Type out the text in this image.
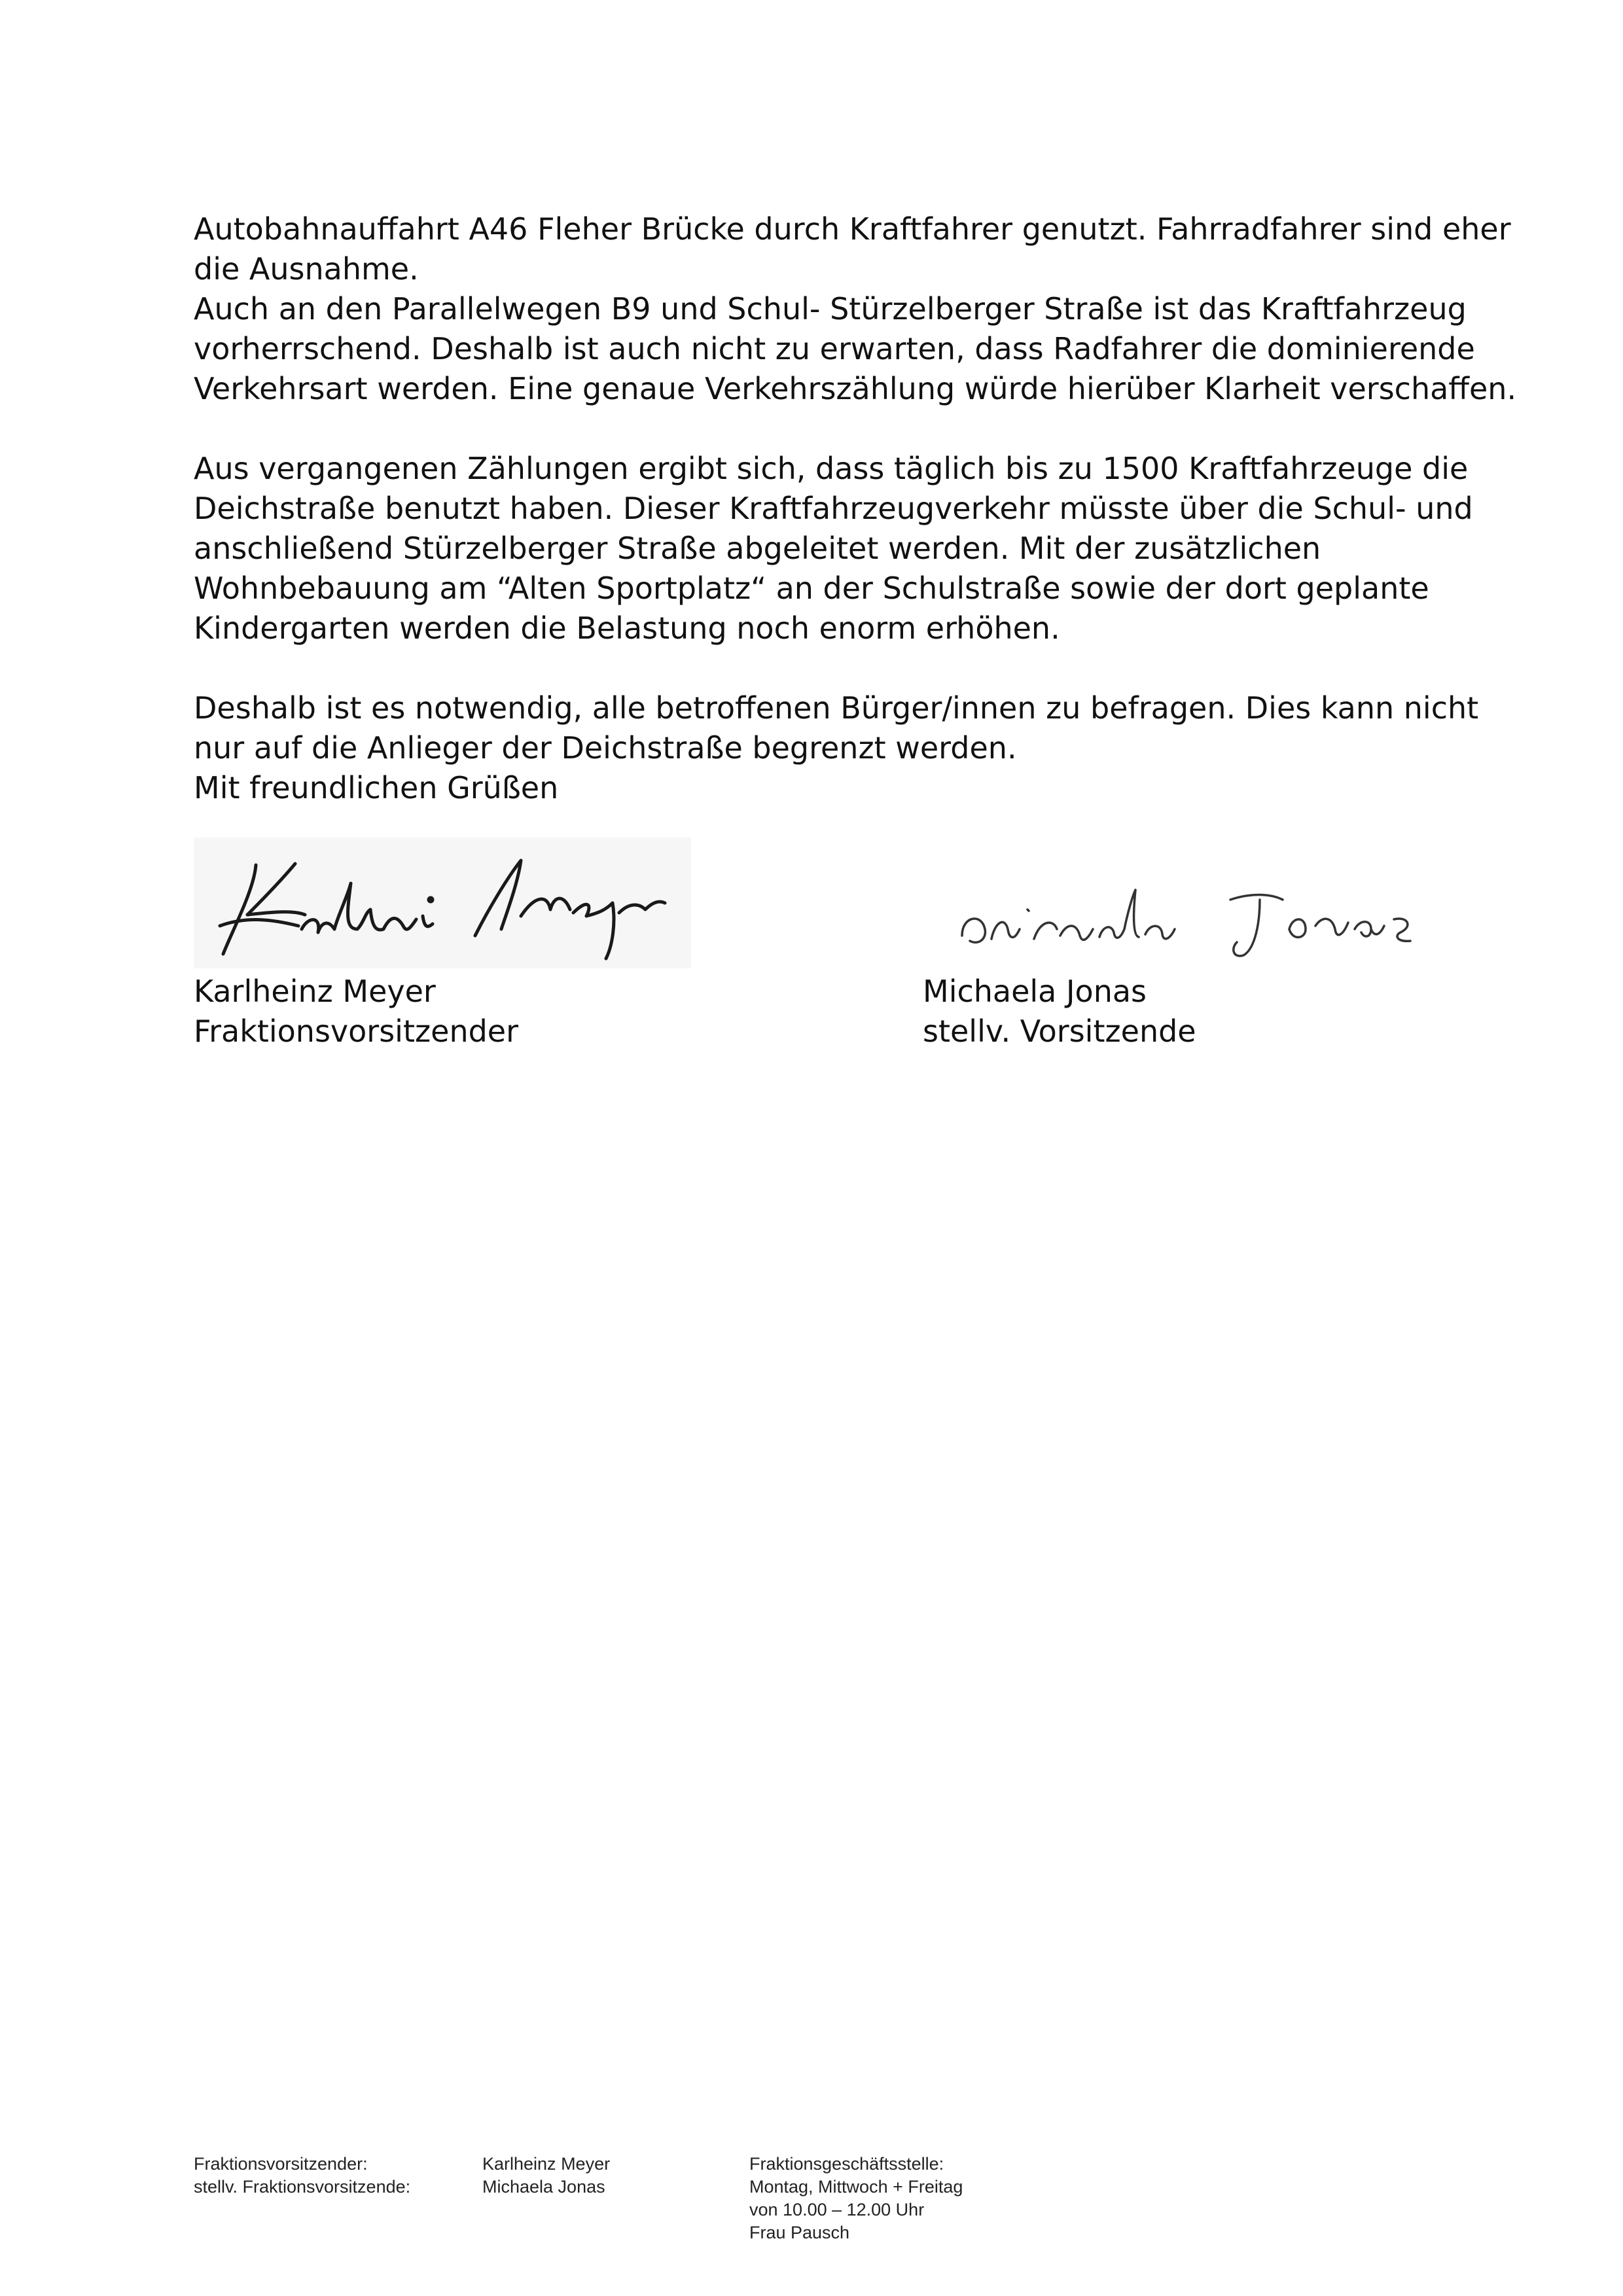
Autobahnauffahrt A46 Fleher Brücke durch Kraftfahrer genutzt. Fahrradfahrer sind eher
die Ausnahme.
Auch an den Parallelwegen B9 und Schul- Stürzelberger Straße ist das Kraftfahrzeug
vorherrschend. Deshalb ist auch nicht zu erwarten, dass Radfahrer die dominierende
Verkehrsart werden. Eine genaue Verkehrszählung würde hierüber Klarheit verschaffen.

Aus vergangenen Zählungen ergibt sich, dass täglich bis zu 1500 Kraftfahrzeuge die
Deichstraße benutzt haben. Dieser Kraftfahrzeugverkehr müsste über die Schul- und
anschließend Stürzelberger Straße abgeleitet werden. Mit der zusätzlichen
Wohnbebauung am “Alten Sportplatz“ an der Schulstraße sowie der dort geplante
Kindergarten werden die Belastung noch enorm erhöhen.

Deshalb ist es notwendig, alle betroffenen Bürger/innen zu befragen. Dies kann nicht
nur auf die Anlieger der Deichstraße begrenzt werden.
Mit freundlichen Grüßen

Karlheinz Meyer
Fraktionsvorsitzender
Michaela Jonas
stellv. Vorsitzende
Fraktionsvorsitzender:
stellv. Fraktionsvorsitzende:
Karlheinz Meyer
Michaela Jonas
Fraktionsgeschäftsstelle:
Montag, Mittwoch + Freitag
von 10.00 – 12.00 Uhr
Frau Pausch
